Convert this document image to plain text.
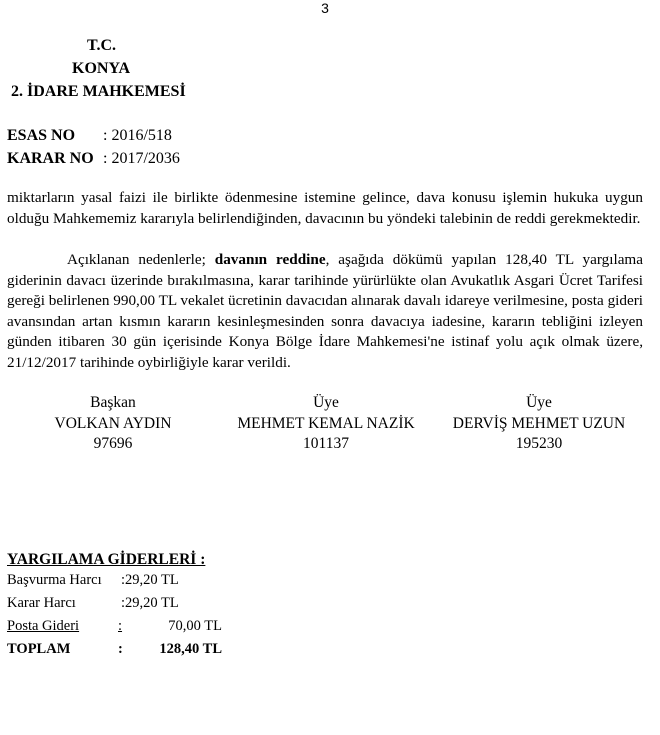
3
T.C.
KONYA
2. İDARE MAHKEMESİ
ESAS NO : 2016/518
KARAR NO : 2017/2036

miktarların yasal faizi ile birlikte ödenmesine istemine gelince, dava konusu işlemin hukuka uygun olduğu Mahkememiz kararıyla belirlendiğinden, davacının bu yöndeki talebinin de reddi gerekmektedir.

Açıklanan nedenlerle; davanın reddine, aşağıda dökümü yapılan 128,40 TL yargılama giderinin davacı üzerinde bırakılmasına, karar tarihinde yürürlükte olan Avukatlık Asgari Ücret Tarifesi gereği belirlenen 990,00 TL vekalet ücretinin davacıdan alınarak davalı idareye verilmesine, posta gideri avansından artan kısmın kararın kesinleşmesinden sonra davacıya iadesine, kararın tebliğini izleyen günden itibaren 30 gün içerisinde Konya Bölge İdare Mahkemesi'ne istinaf yolu açık olmak üzere, 21/12/2017 tarihinde oybirliğiyle karar verildi.

Başkan
VOLKAN AYDIN
97696
Üye
MEHMET KEMAL NAZİK
101137
Üye
DERVİŞ MEHMET UZUN
195230
YARGILAMA GİDERLERİ :
Başvurma Harcı :29,20 TL
Karar Harcı	:29,20 TL
Posta Gideri	:	70,00 TL
TOPLAM	:	128,40 TL
